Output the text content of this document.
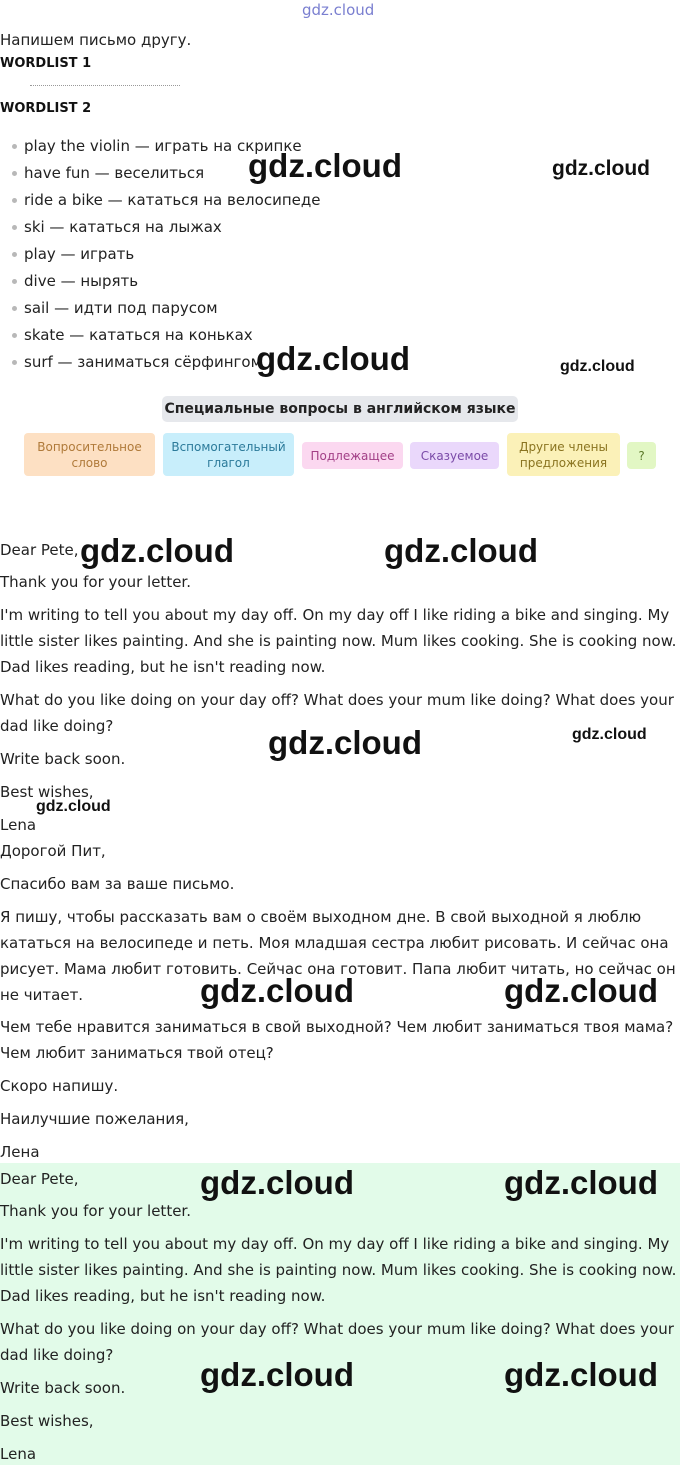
gdz.cloud
Напишем письмо другу.
WORDLIST 1
WORDLIST 2
play the violin — играть на скрипке
have fun — веселиться
ride a bike — кататься на велосипеде
ski — кататься на лыжах
play — играть
dive — нырять
sail — идти под парусом
skate — кататься на коньках
surf — заниматься сёрфингом
Специальные вопросы в английском языке
Вопросительное слово
Вспомогательный глагол	Подлежащее	Сказуемое
Другие члены предложения	?

Dear Pete,

Thank you for your letter.

I'm writing to tell you about my day off. On my day off I like riding a bike and singing. My little sister likes painting. And she is painting now. Mum likes cooking. She is cooking now. Dad likes reading, but he isn't reading now.

What do you like doing on your day off? What does your mum like doing? What does your dad like doing?

Write back soon.

Best wishes,

Lena

Дорогой Пит,

Спасибо вам за ваше письмо.

Я пишу, чтобы рассказать вам о своём выходном дне. В свой выходной я люблю кататься на велосипеде и петь. Моя младшая сестра любит рисовать. И сейчас она рисует. Мама любит готовить. Сейчас она готовит. Папа любит читать, но сейчас он не читает.

Чем тебе нравится заниматься в свой выходной? Чем любит заниматься твоя мама? Чем любит заниматься твой отец?

Скоро напишу.

Наилучшие пожелания,

Лена

Dear Pete,

Thank you for your letter.

I'm writing to tell you about my day off. On my day off I like riding a bike and singing. My little sister likes painting. And she is painting now. Mum likes cooking. She is cooking now. Dad likes reading, but he isn't reading now.

What do you like doing on your day off? What does your mum like doing? What does your dad like doing?

Write back soon.

Best wishes,

Lena

gdz.cloud	gdz.cloud
gdz.cloud	gdz.cloud
gdz.cloud	gdz.cloud
gdz.cloud	gdz.cloud
gdz.cloud
gdz.cloud	gdz.cloud
gdz.cloud	gdz.cloud
gdz.cloud	gdz.cloud
